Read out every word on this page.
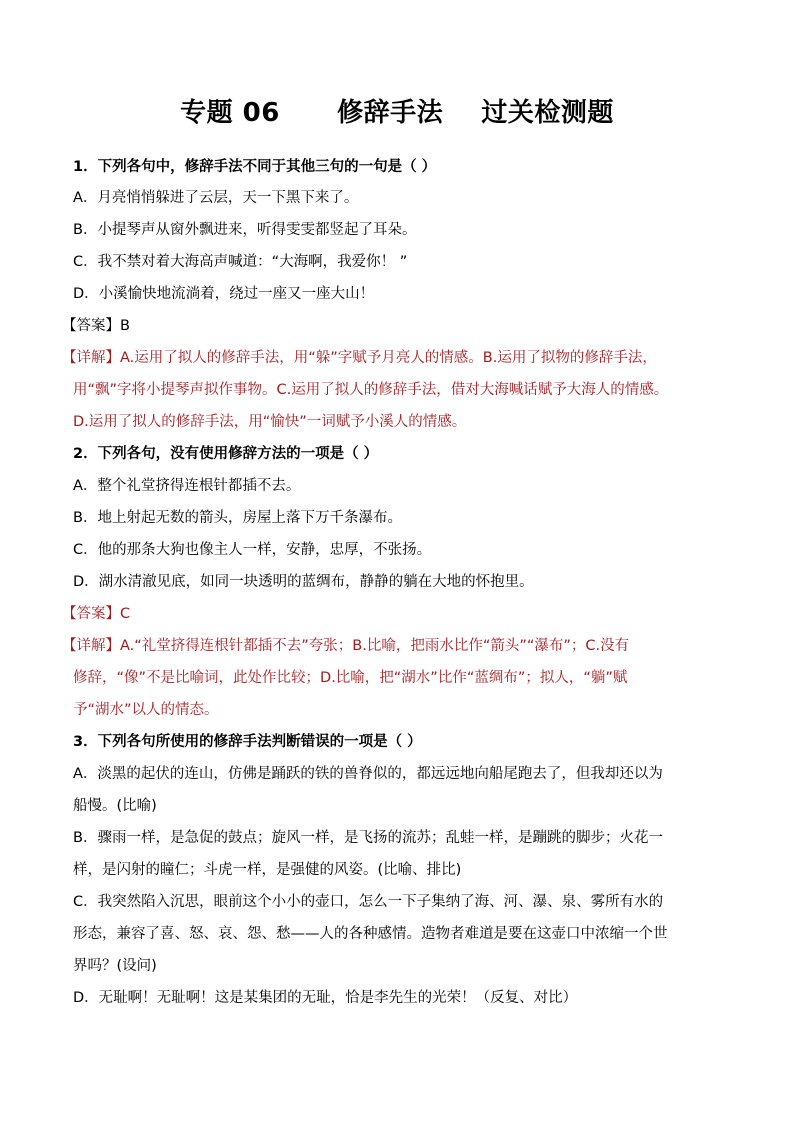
专题 06      修辞手法    过关检测题
1．下列各句中，修辞手法不同于其他三句的一句是（ ）
A．月亮悄悄躲进了云层，天一下黑下来了。
B．小提琴声从窗外飘进来，听得雯雯都竖起了耳朵。
C．我不禁对着大海高声喊道：“大海啊，我爱你！ ”
D．小溪愉快地流淌着，绕过一座又一座大山！
【答案】B
【详解】A.运用了拟人的修辞手法，用“躲”字赋予月亮人的情感。B.运用了拟物的修辞手法，
用“飘”字将小提琴声拟作事物。C.运用了拟人的修辞手法，借对大海喊话赋予大海人的情感。
D.运用了拟人的修辞手法，用“愉快”一词赋予小溪人的情感。
2．下列各句，没有使用修辞方法的一项是（ ）
A．整个礼堂挤得连根针都插不去。
B．地上射起无数的箭头，房屋上落下万千条瀑布。
C．他的那条大狗也像主人一样，安静，忠厚，不张扬。
D．湖水清澈见底，如同一块透明的蓝绸布，静静的躺在大地的怀抱里。
【答案】C
【详解】A.“礼堂挤得连根针都插不去”夸张；B.比喻，把雨水比作“箭头”“瀑布”；C.没有
修辞，“像”不是比喻词，此处作比较；D.比喻，把“湖水”比作“蓝绸布”；拟人，“躺”赋
予“湖水”以人的情态。
3．下列各句所使用的修辞手法判断错误的一项是（ ）
A．淡黑的起伏的连山，仿佛是踊跃的铁的兽脊似的，都远远地向船尾跑去了，但我却还以为
船慢。(比喻)
B．骤雨一样，是急促的鼓点；旋风一样，是飞扬的流苏；乱蛙一样，是蹦跳的脚步；火花一
样，是闪射的瞳仁；斗虎一样，是强健的风姿。(比喻、排比)
C．我突然陷入沉思，眼前这个小小的壶口，怎么一下子集纳了海、河、瀑、泉、雾所有水的
形态，兼容了喜、怒、哀、怨、愁——人的各种感情。造物者难道是要在这壶口中浓缩一个世
界吗？(设问)
D．无耻啊！无耻啊！这是某集团的无耻，恰是李先生的光荣！（反复、对比）
